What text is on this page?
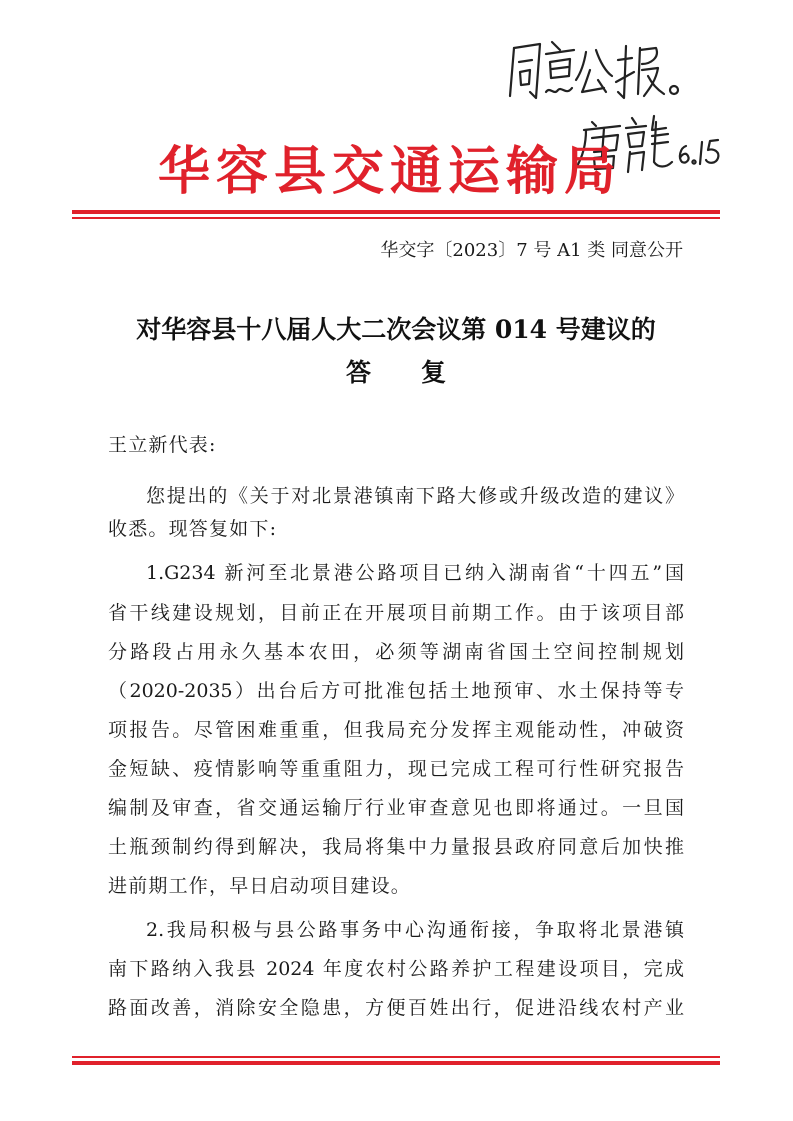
华容县交通运输局
华交字〔2023〕7 号 A1 类 同意公开
对华容县十八届人大二次会议第 014 号建议的
答　　复
王立新代表:
您提出的《关于对北景港镇南下路大修或升级改造的建议》
收悉。现答复如下:
1.G234 新河至北景港公路项目已纳入湖南省“十四五”国
省干线建设规划，目前正在开展项目前期工作。由于该项目部
分路段占用永久基本农田，必须等湖南省国土空间控制规划
（2020-2035）出台后方可批准包括土地预审、水土保持等专
项报告。尽管困难重重，但我局充分发挥主观能动性，冲破资
金短缺、疫情影响等重重阻力，现已完成工程可行性研究报告
编制及审查，省交通运输厅行业审查意见也即将通过。一旦国
土瓶颈制约得到解决，我局将集中力量报县政府同意后加快推
进前期工作，早日启动项目建设。
2.我局积极与县公路事务中心沟通衔接，争取将北景港镇
南下路纳入我县 2024 年度农村公路养护工程建设项目，完成
路面改善，消除安全隐患，方便百姓出行，促进沿线农村产业
